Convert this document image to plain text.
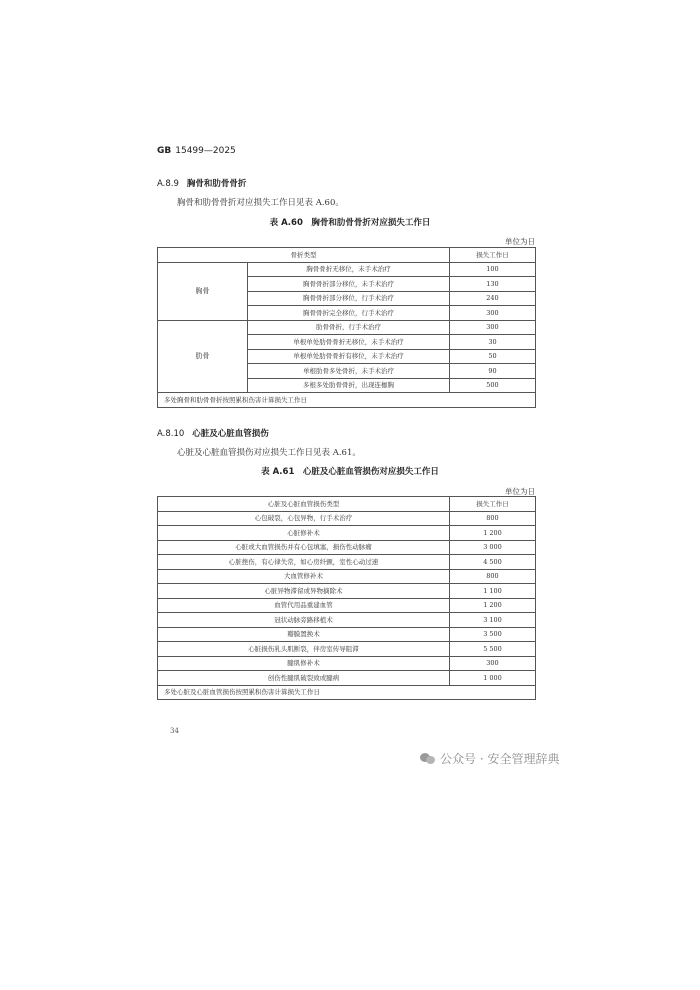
GB 15499—2025
A.8.9 胸骨和肋骨骨折
胸骨和肋骨骨折对应损失工作日见表 A.60。
表 A.60　胸骨和肋骨骨折对应损失工作日
单位为日
骨折类型		损失工作日
胸骨	胸骨骨折无移位，未手术治疗	100
	胸骨骨折部分移位，未手术治疗	130
	胸骨骨折部分移位，行手术治疗	240
	胸骨骨折完全移位，行手术治疗	300
肋骨	肋骨骨折，行手术治疗	300
	单根单处肋骨骨折无移位，未手术治疗	30
	单根单处肋骨骨折有移位，未手术治疗	50
	单根肋骨多处骨折，未手术治疗	90
	多根多处肋骨骨折，出现连枷胸	500
多处胸骨和肋骨骨折按照累积伤害计算损失工作日		
A.8.10 心脏及心脏血管损伤
心脏及心脏血管损伤对应损失工作日见表 A.61。
表 A.61　心脏及心脏血管损伤对应损失工作日
单位为日
心脏及心脏血管损伤类型	损失工作日
心包破裂，心包异物，行手术治疗	800
心脏修补术	1 200
心脏或大血管损伤并有心包填塞，损伤性动脉瘤	3 000
心脏挫伤，有心律失常，如心房纤颤，室性心动过速	4 500
大血管修补术	800
心脏异物滞留或异物摘除术	1 100
血管代用品重建血管	1 200
冠状动脉旁路移植术	3 100
瓣膜置换术	3 500
心脏损伤乳头肌断裂，伴房室传导阻滞	5 500
腱肌修补术	300
创伤性腱肌破裂致或腱病	1 000
多处心脏及心脏血管损伤按照累积伤害计算损失工作日	
34
公众号 · 安全管理辞典
